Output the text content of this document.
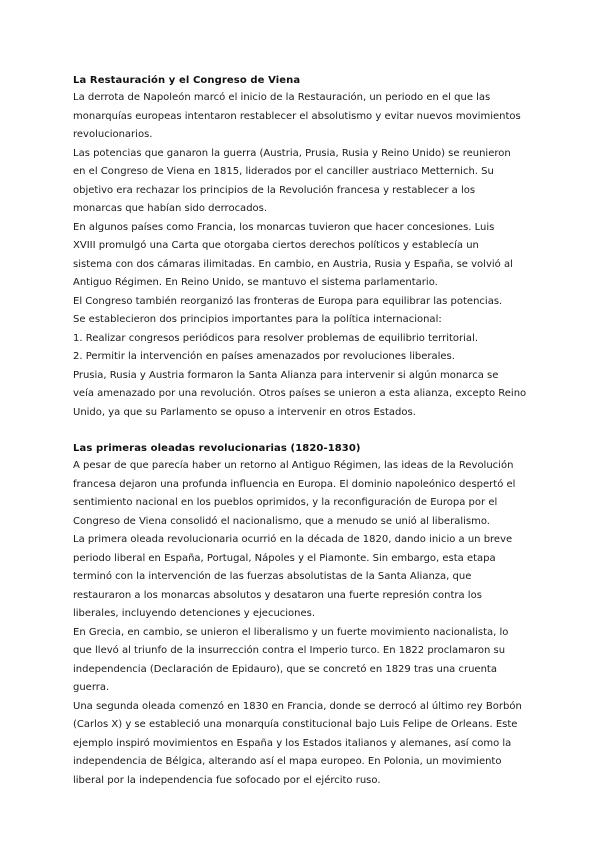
La Restauración y el Congreso de Viena

La derrota de Napoleón marcó el inicio de la Restauración, un periodo en el que las

monarquías europeas intentaron restablecer el absolutismo y evitar nuevos movimientos

revolucionarios.

Las potencias que ganaron la guerra (Austria, Prusia, Rusia y Reino Unido) se reunieron

en el Congreso de Viena en 1815, liderados por el canciller austriaco Metternich. Su

objetivo era rechazar los principios de la Revolución francesa y restablecer a los

monarcas que habían sido derrocados.

En algunos países como Francia, los monarcas tuvieron que hacer concesiones. Luis

XVIII promulgó una Carta que otorgaba ciertos derechos políticos y establecía un

sistema con dos cámaras ilimitadas. En cambio, en Austria, Rusia y España, se volvió al

Antiguo Régimen. En Reino Unido, se mantuvo el sistema parlamentario.

El Congreso también reorganizó las fronteras de Europa para equilibrar las potencias.

Se establecieron dos principios importantes para la política internacional:

1. Realizar congresos periódicos para resolver problemas de equilibrio territorial.

2. Permitir la intervención en países amenazados por revoluciones liberales.

Prusia, Rusia y Austria formaron la Santa Alianza para intervenir si algún monarca se

veía amenazado por una revolución. Otros países se unieron a esta alianza, excepto Reino

Unido, ya que su Parlamento se opuso a intervenir en otros Estados.

Las primeras oleadas revolucionarias (1820-1830)

A pesar de que parecía haber un retorno al Antiguo Régimen, las ideas de la Revolución

francesa dejaron una profunda influencia en Europa. El dominio napoleónico despertó el

sentimiento nacional en los pueblos oprimidos, y la reconfiguración de Europa por el

Congreso de Viena consolidó el nacionalismo, que a menudo se unió al liberalismo.

La primera oleada revolucionaria ocurrió en la década de 1820, dando inicio a un breve

periodo liberal en España, Portugal, Nápoles y el Piamonte. Sin embargo, esta etapa

terminó con la intervención de las fuerzas absolutistas de la Santa Alianza, que

restauraron a los monarcas absolutos y desataron una fuerte represión contra los

liberales, incluyendo detenciones y ejecuciones.

En Grecia, en cambio, se unieron el liberalismo y un fuerte movimiento nacionalista, lo

que llevó al triunfo de la insurrección contra el Imperio turco. En 1822 proclamaron su

independencia (Declaración de Epidauro), que se concretó en 1829 tras una cruenta

guerra.

Una segunda oleada comenzó en 1830 en Francia, donde se derrocó al último rey Borbón

(Carlos X) y se estableció una monarquía constitucional bajo Luis Felipe de Orleans. Este

ejemplo inspiró movimientos en España y los Estados italianos y alemanes, así como la

independencia de Bélgica, alterando así el mapa europeo. En Polonia, un movimiento

liberal por la independencia fue sofocado por el ejército ruso.
